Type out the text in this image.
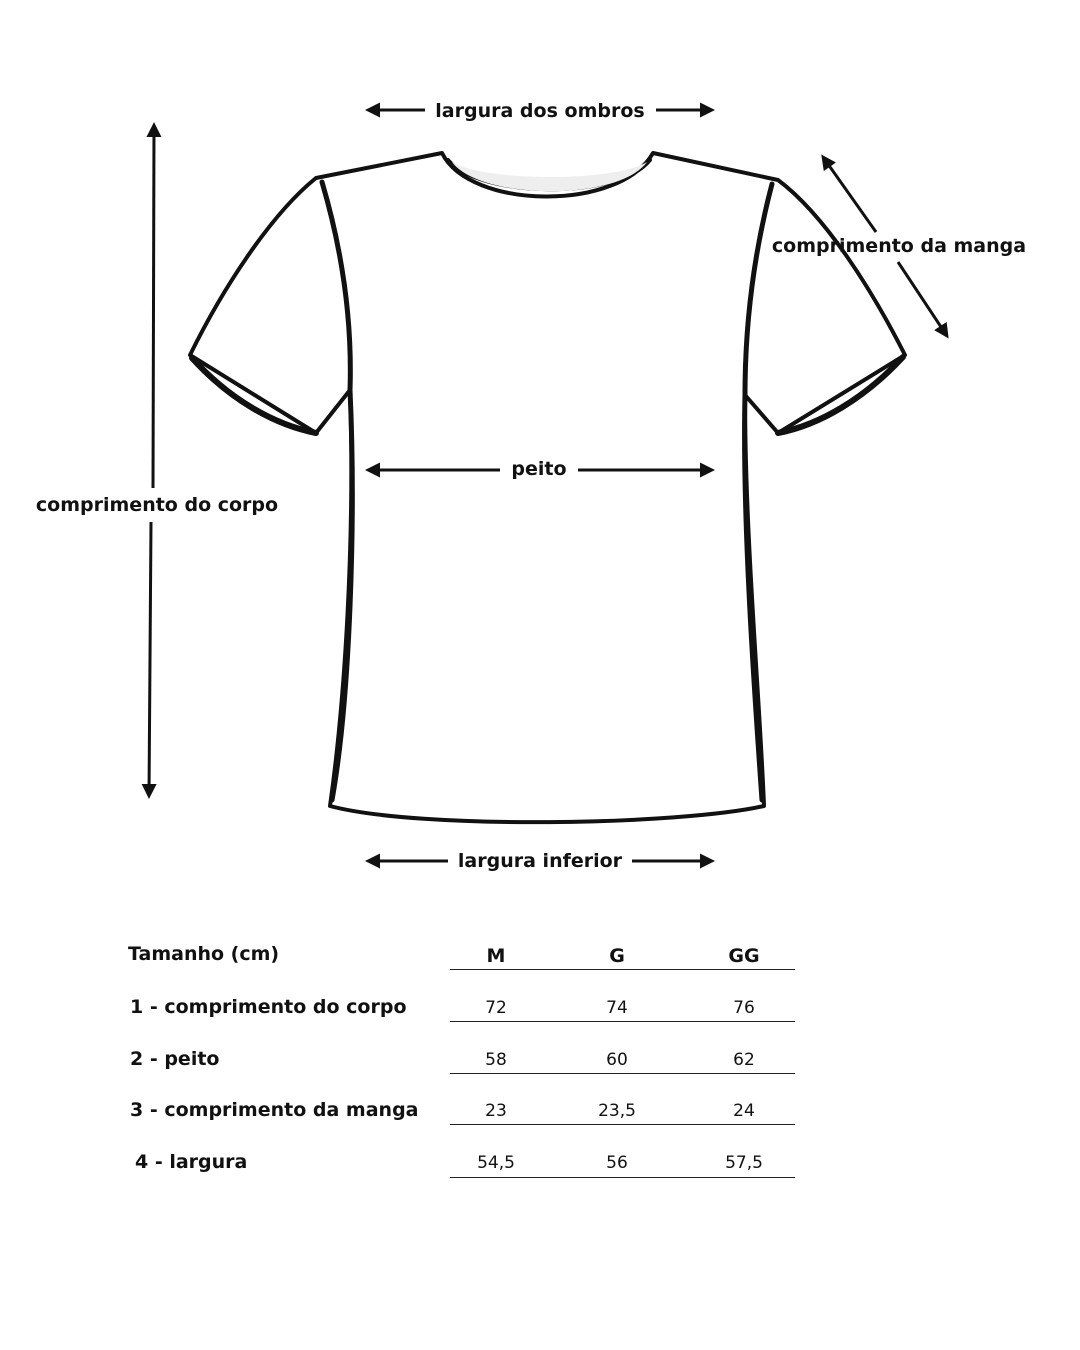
largura dos ombros
comprimento da manga
peito
comprimento do corpo
largura inferior
Tamanho (cm)	M	G	GG
1 - comprimento do corpo	72	74	76
2 - peito	58	60	62
3 - comprimento da manga	23	23,5	24
4 - largura	54,5	56	57,5
